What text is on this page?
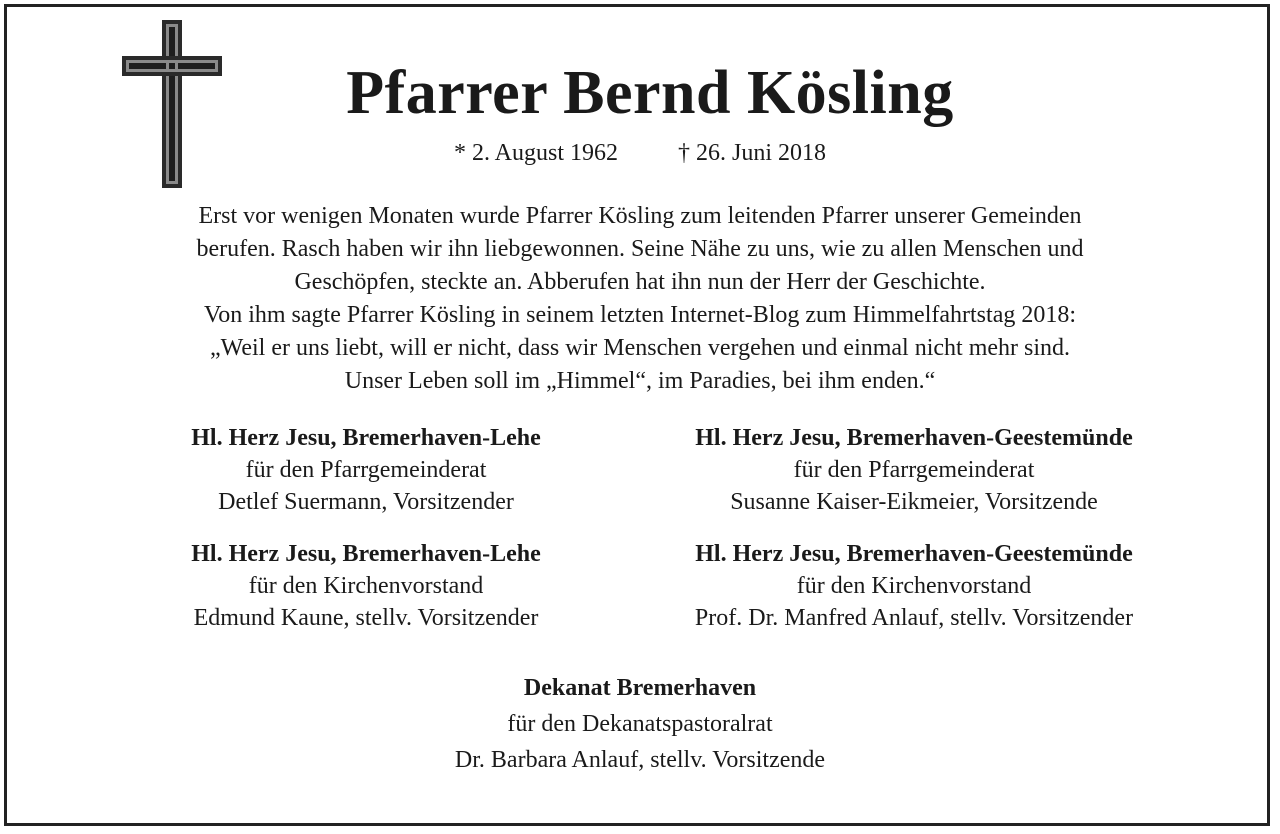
Pfarrer Bernd Kösling
* 2. August 1962	† 26. Juni 2018
Erst vor wenigen Monaten wurde Pfarrer Kösling zum leitenden Pfarrer unserer Gemeinden
berufen. Rasch haben wir ihn liebgewonnen. Seine Nähe zu uns, wie zu allen Menschen und
Geschöpfen, steckte an. Abberufen hat ihn nun der Herr der Geschichte.
Von ihm sagte Pfarrer Kösling in seinem letzten Internet-Blog zum Himmelfahrtstag 2018:
„Weil er uns liebt, will er nicht, dass wir Menschen vergehen und einmal nicht mehr sind.
Unser Leben soll im „Himmel“, im Paradies, bei ihm enden.“
Hl. Herz Jesu, Bremerhaven-Lehe
für den Pfarrgemeinderat
Detlef Suermann, Vorsitzender
Hl. Herz Jesu, Bremerhaven-Geestemünde
für den Pfarrgemeinderat
Susanne Kaiser-Eikmeier, Vorsitzende
Hl. Herz Jesu, Bremerhaven-Lehe
für den Kirchenvorstand
Edmund Kaune, stellv. Vorsitzender
Hl. Herz Jesu, Bremerhaven-Geestemünde
für den Kirchenvorstand
Prof. Dr. Manfred Anlauf, stellv. Vorsitzender
Dekanat Bremerhaven
für den Dekanatspastoralrat
Dr. Barbara Anlauf, stellv. Vorsitzende
